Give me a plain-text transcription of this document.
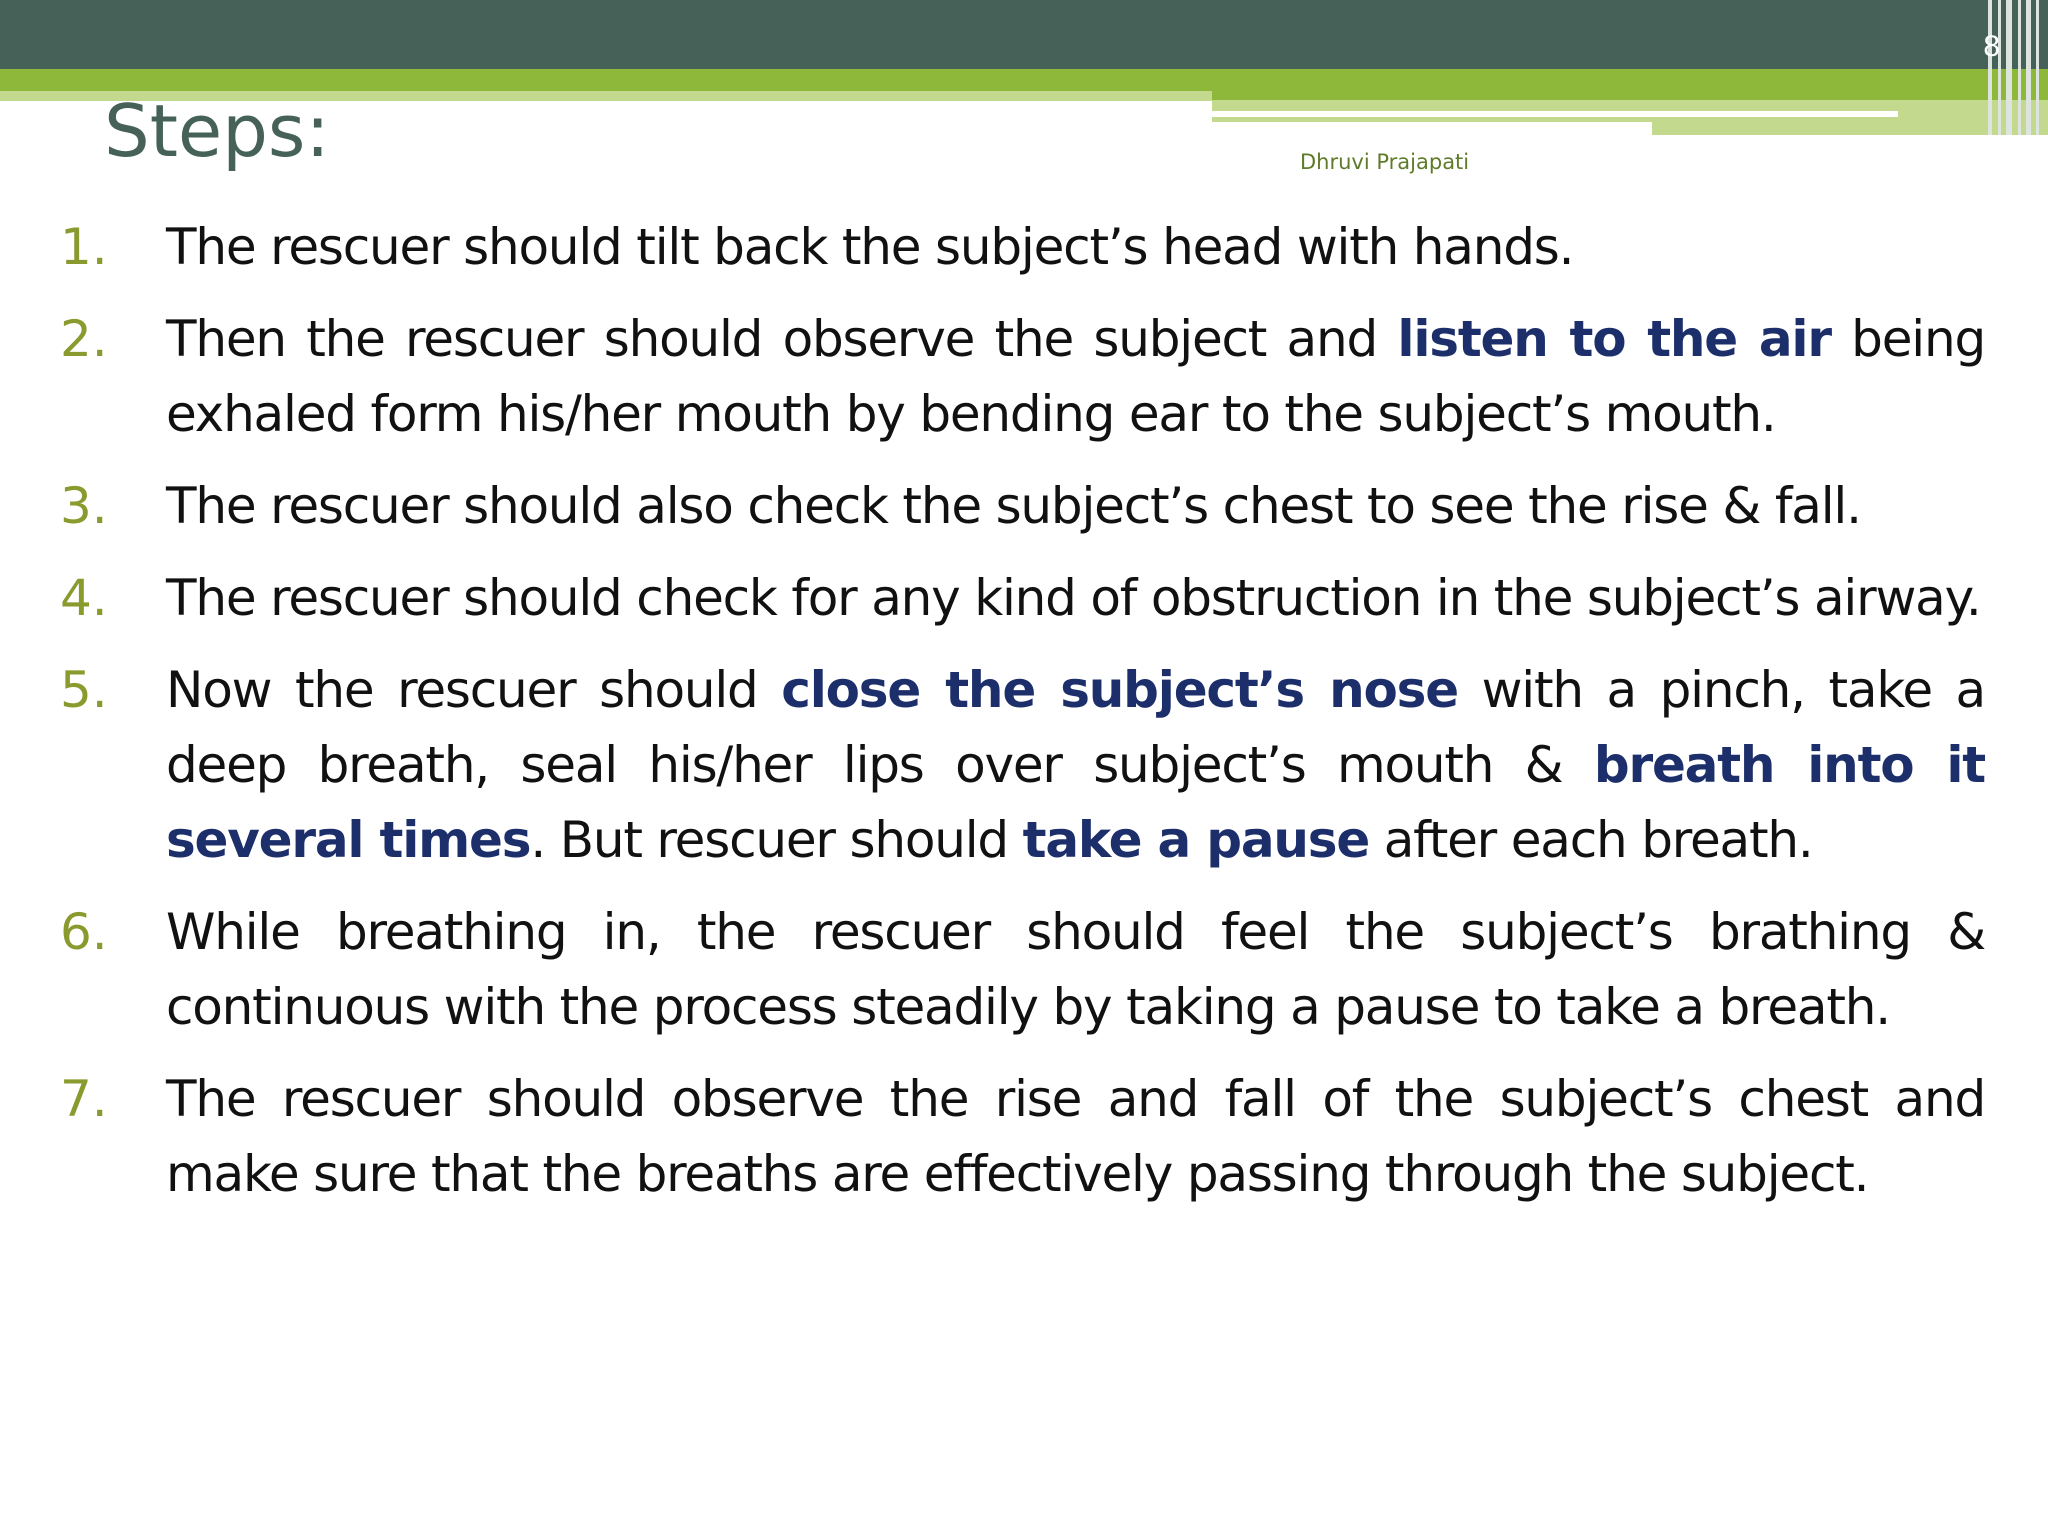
8
Steps:	Dhruvi Prajapati
1.	The rescuer should tilt back the subject’s head with hands.
2.	Then the rescuer should observe the subject and listen to the air being exhaled form his/her mouth by bending ear to the subject’s mouth.
3.	The rescuer should also check the subject’s chest to see the rise & fall.
4.	The rescuer should check for any kind of obstruction in the subject’s airway.
5.	Now the rescuer should close the subject’s nose with a pinch, take a deep breath, seal his/her lips over subject’s mouth & breath into it several times. But rescuer should take a pause after each breath.
6.	While breathing in, the rescuer should feel the subject’s brathing & continuous with the process steadily by taking a pause to take a breath.
7.	The rescuer should observe the rise and fall of the subject’s chest and make sure that the breaths are effectively passing through the subject.
